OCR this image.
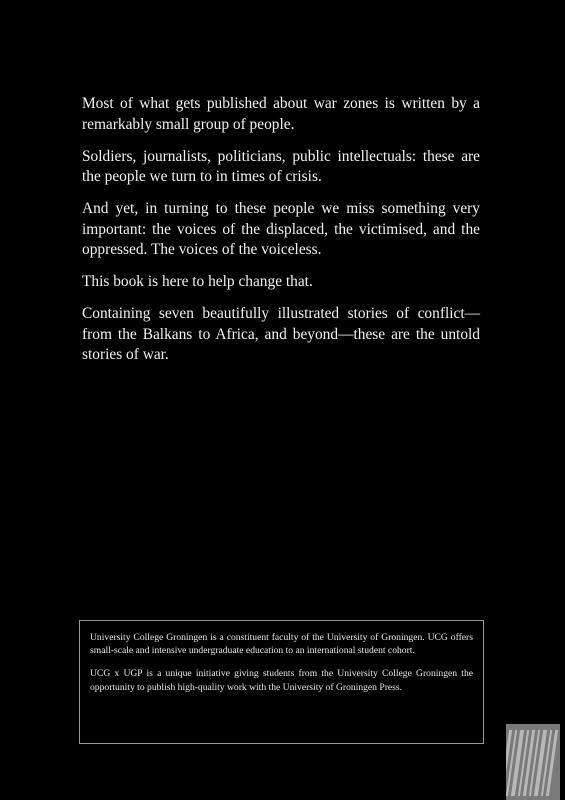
Most of what gets published about war zones is written by a remarkably small group of people.

Soldiers, journalists, politicians, public intellectuals: these are the people we turn to in times of crisis.

And yet, in turning to these people we miss something very important: the voices of the displaced, the victimised, and the oppressed. The voices of the voiceless.

This book is here to help change that.

Containing seven beautifully illustrated stories of conflict—from the Balkans to Africa, and beyond—these are the untold stories of war.

University College Groningen is a constituent faculty of the University of Groningen. UCG offers small-scale and intensive undergraduate education to an international student cohort.

UCG x UGP is a unique initiative giving students from the University College Groningen the opportunity to publish high-quality work with the University of Groningen Press.
